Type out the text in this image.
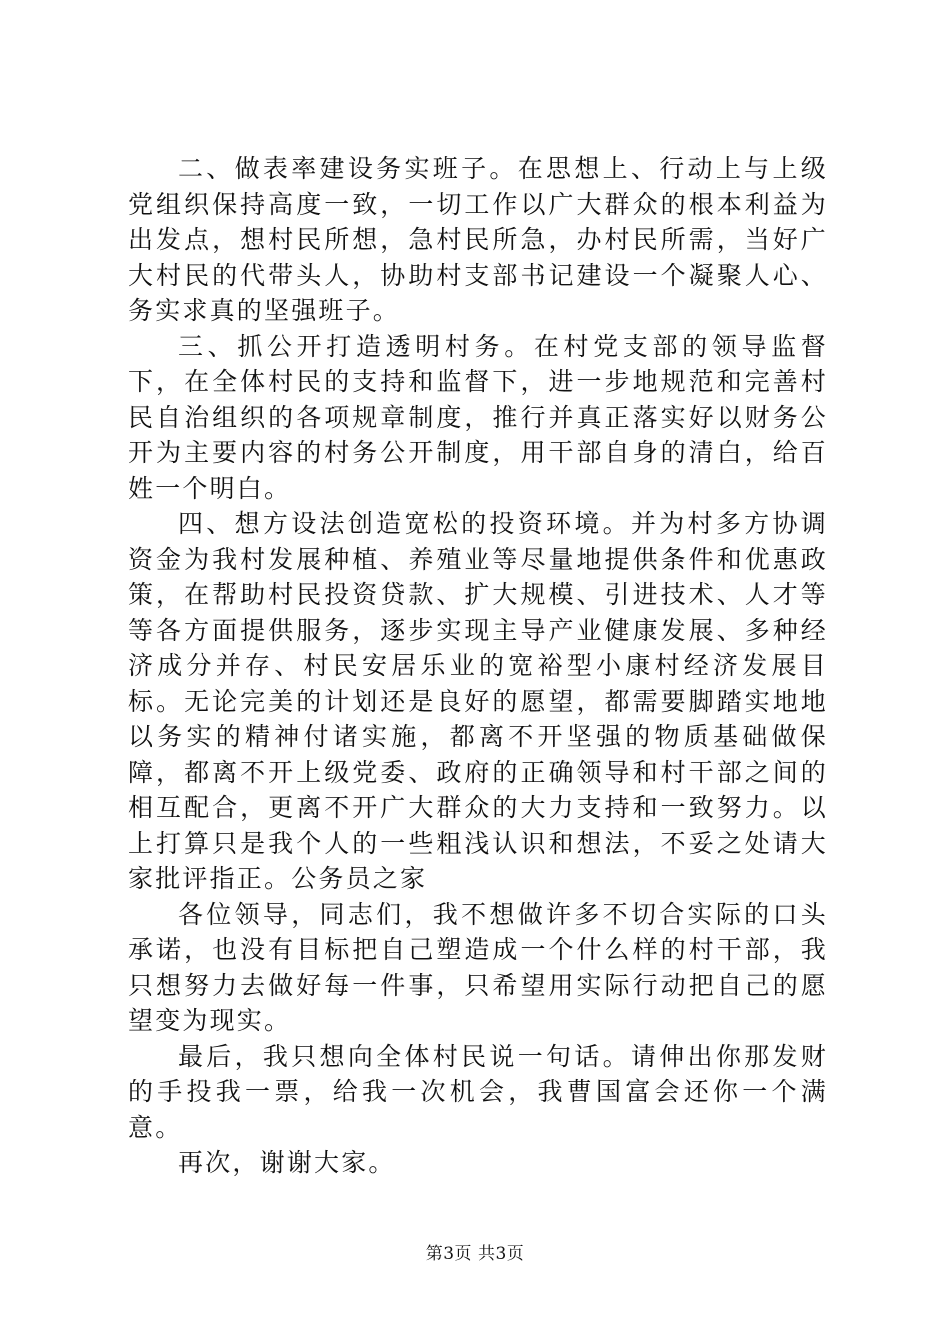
二、做表率建设务实班子。在思想上、行动上与上级党组织保持高度一致，一切工作以广大群众的根本利益为出发点，想村民所想，急村民所急，办村民所需，当好广大村民的代带头人，协助村支部书记建设一个凝聚人心、务实求真的坚强班子。

三、抓公开打造透明村务。在村党支部的领导监督下，在全体村民的支持和监督下，进一步地规范和完善村民自治组织的各项规章制度，推行并真正落实好以财务公开为主要内容的村务公开制度，用干部自身的清白，给百姓一个明白。

四、想方设法创造宽松的投资环境。并为村多方协调资金为我村发展种植、养殖业等尽量地提供条件和优惠政策，在帮助村民投资贷款、扩大规模、引进技术、人才等等各方面提供服务，逐步实现主导产业健康发展、多种经济成分并存、村民安居乐业的宽裕型小康村经济发展目标。无论完美的计划还是良好的愿望，都需要脚踏实地地以务实的精神付诸实施，都离不开坚强的物质基础做保障，都离不开上级党委、政府的正确领导和村干部之间的相互配合，更离不开广大群众的大力支持和一致努力。以上打算只是我个人的一些粗浅认识和想法，不妥之处请大家批评指正。公务员之家

各位领导，同志们，我不想做许多不切合实际的口头承诺，也没有目标把自己塑造成一个什么样的村干部，我只想努力去做好每一件事，只希望用实际行动把自己的愿望变为现实。

最后，我只想向全体村民说一句话。请伸出你那发财的手投我一票，给我一次机会，我曹国富会还你一个满意。

再次，谢谢大家。

第3页 共3页
